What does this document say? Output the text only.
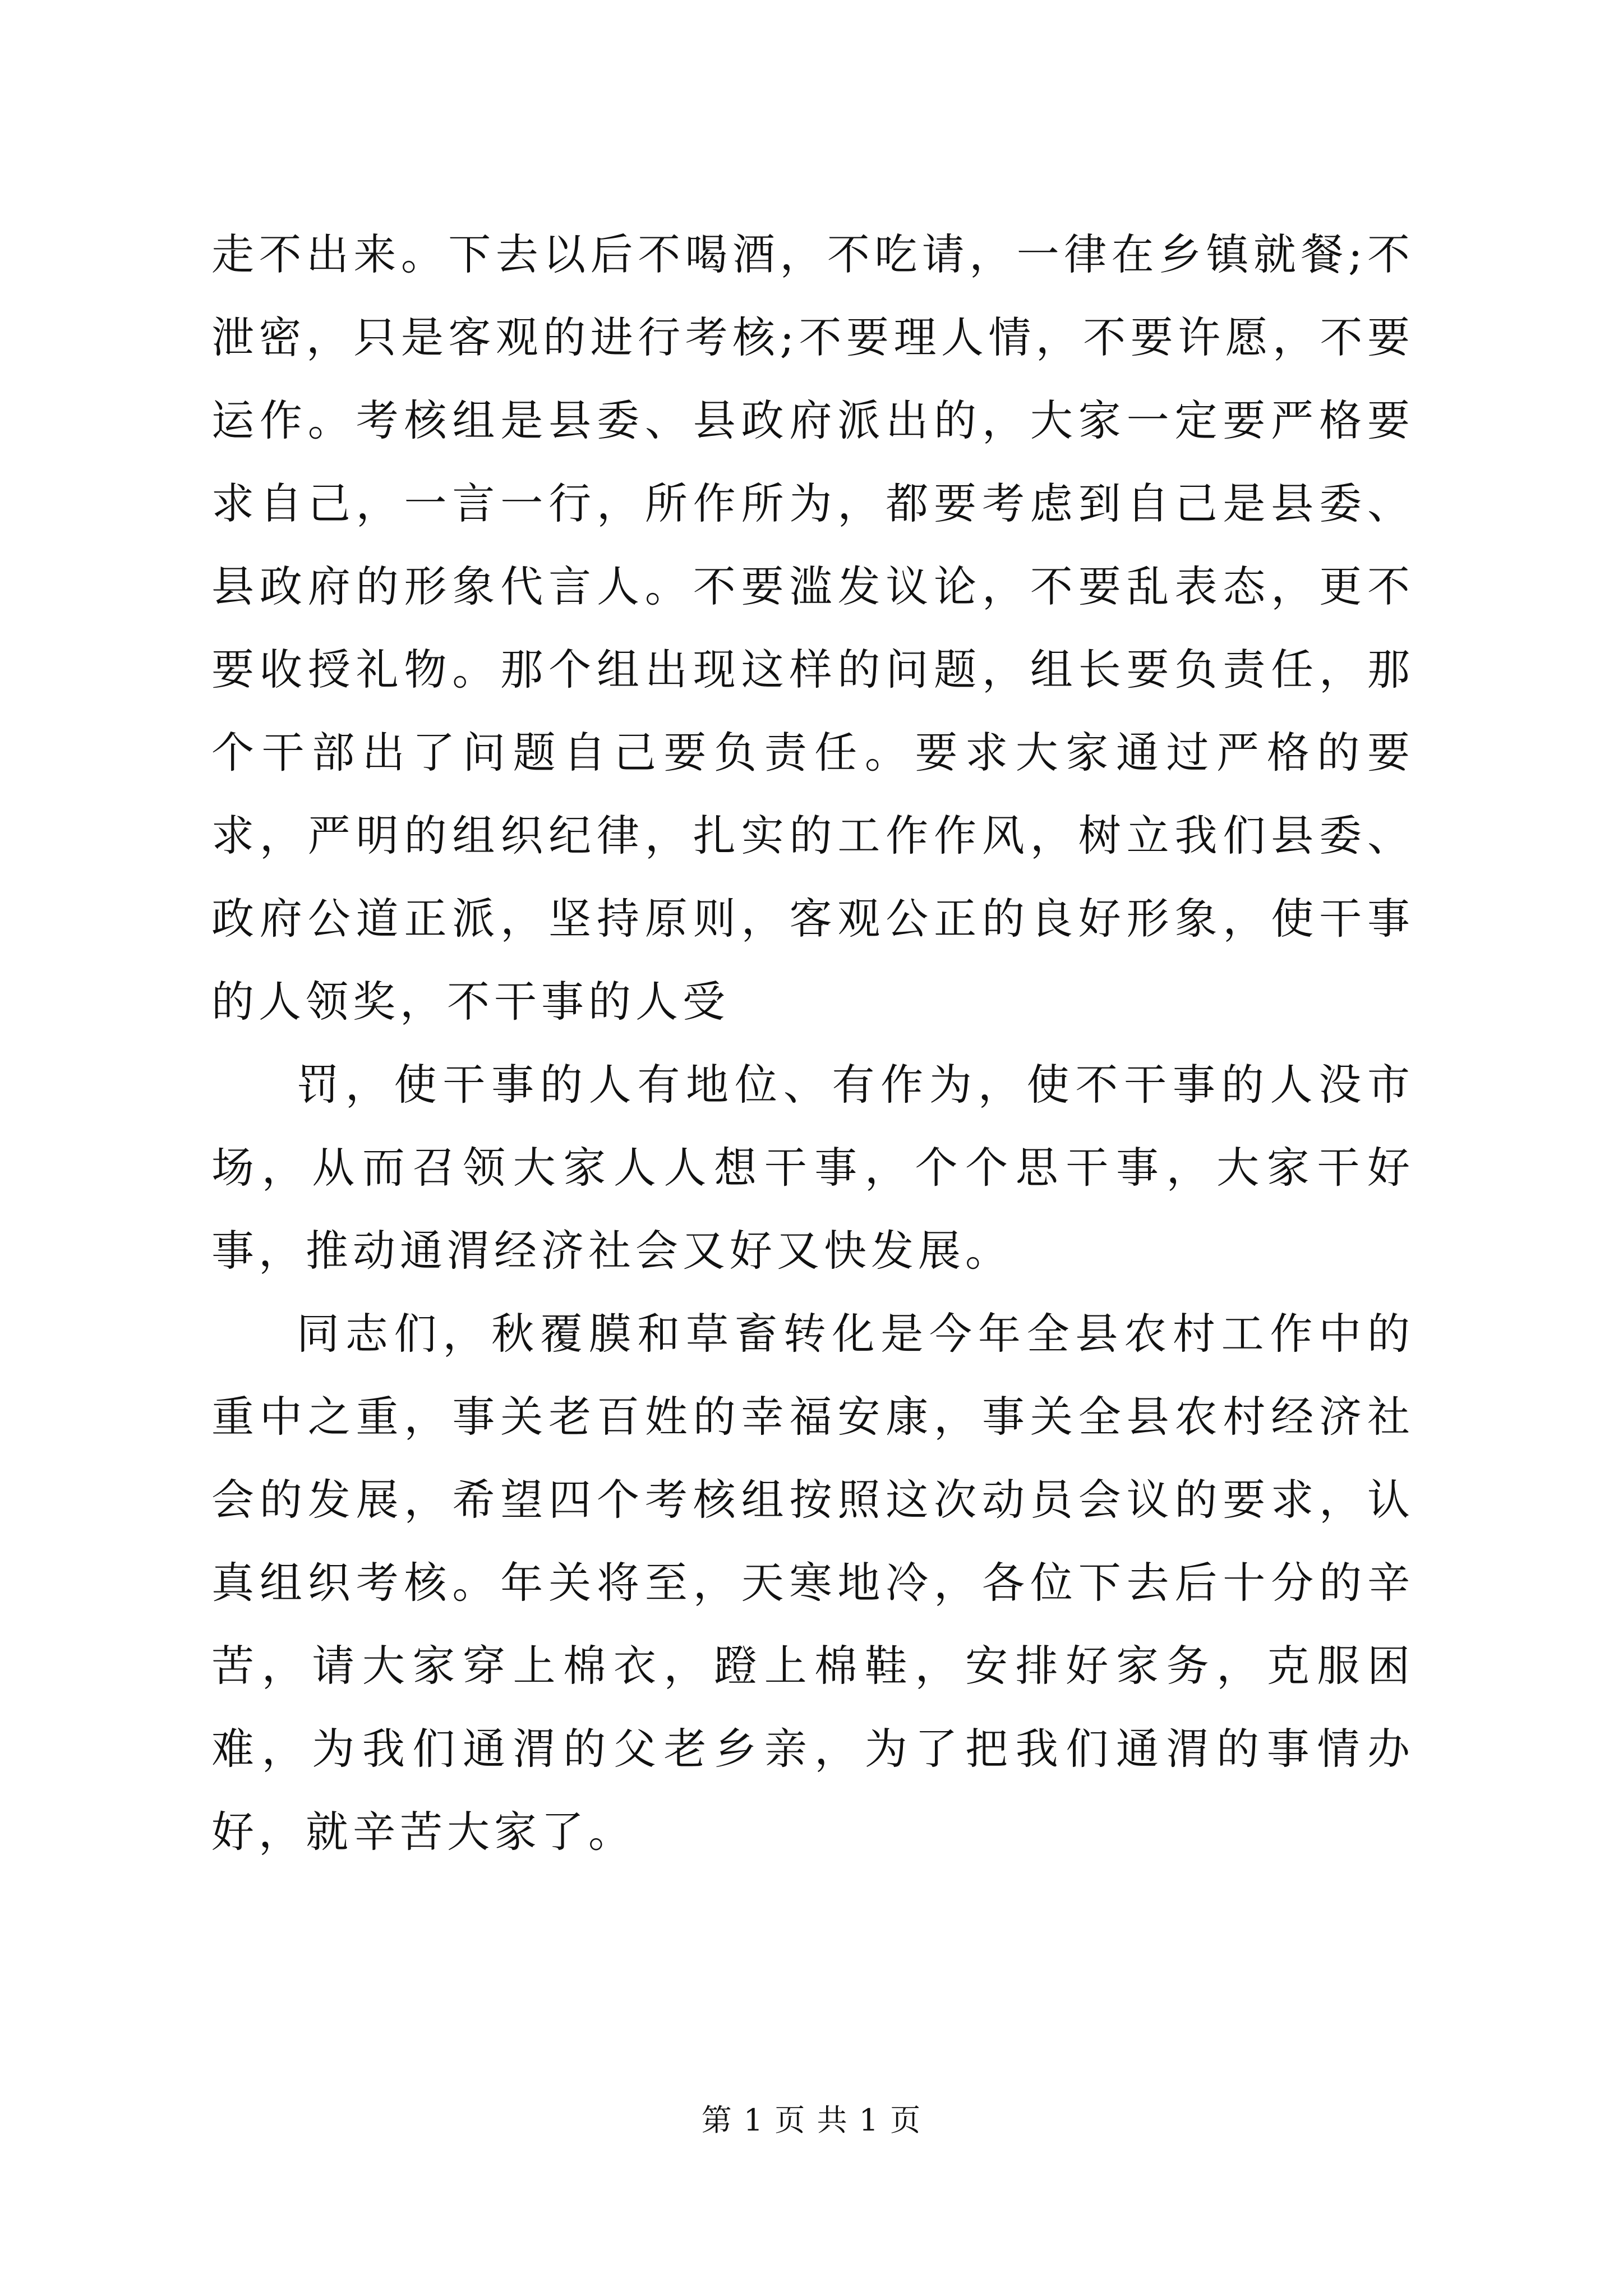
走不出来。下去以后不喝酒，不吃请，一律在乡镇就餐;不泄密，只是客观的进行考核;不要理人情，不要许愿，不要运作。考核组是县委、县政府派出的，大家一定要严格要求自己，一言一行，所作所为，都要考虑到自己是县委、县政府的形象代言人。不要滥发议论，不要乱表态，更不要收授礼物。那个组出现这样的问题，组长要负责任，那个干部出了问题自己要负责任。要求大家通过严格的要求，严明的组织纪律，扎实的工作作风，树立我们县委、政府公道正派，坚持原则，客观公正的良好形象，使干事的人领奖，不干事的人受

罚，使干事的人有地位、有作为，使不干事的人没市场，从而召领大家人人想干事，个个思干事，大家干好事，推动通渭经济社会又好又快发展。

同志们，秋覆膜和草畜转化是今年全县农村工作中的重中之重，事关老百姓的幸福安康，事关全县农村经济社会的发展，希望四个考核组按照这次动员会议的要求，认真组织考核。年关将至，天寒地冷，各位下去后十分的辛苦，请大家穿上棉衣，蹬上棉鞋，安排好家务，克服困难，为我们通渭的父老乡亲，为了把我们通渭的事情办好，就辛苦大家了。

第 1 页 共 1 页
